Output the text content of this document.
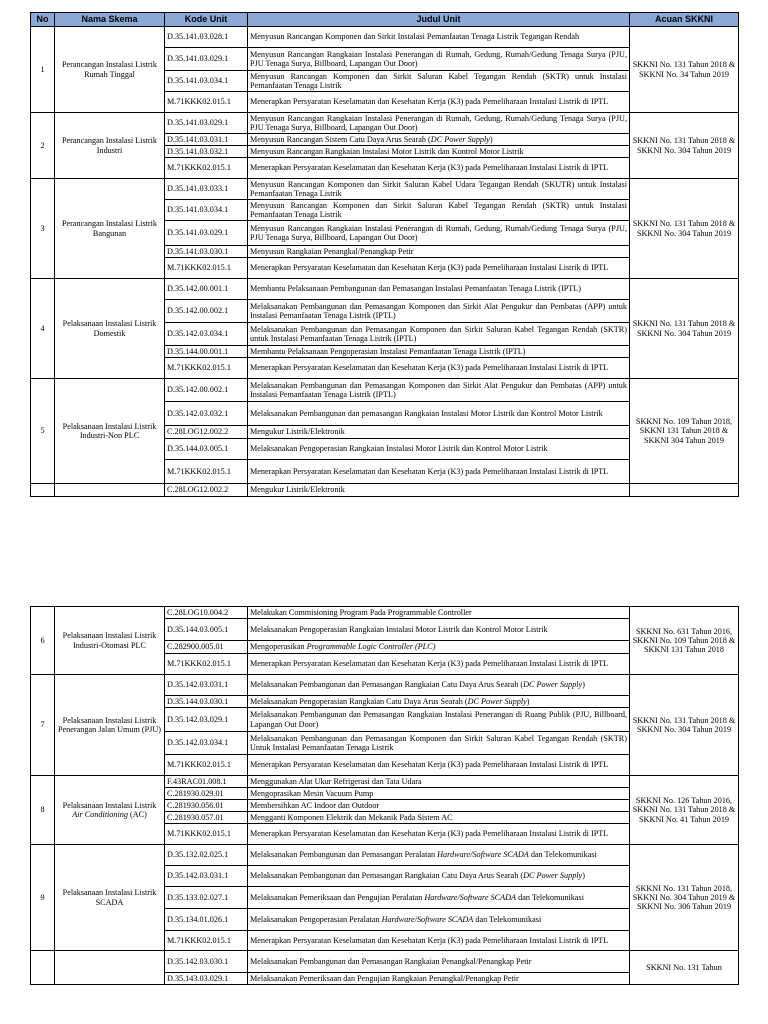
No	Nama Skema	Kode Unit	Judul Unit	Acuan SKKNI
1	Perancangan Instalasi Listrik Rumah Tinggal	D.35.141.03.028.1	Menyusun Rancangan Komponen dan Sirkit Instalasi Pemanfaatan Tenaga Listrik Tegangan Rendah	SKKNI No. 131 Tahun 2018 & SKKNI No. 34 Tahun 2019
		D.35.141.03.029.1	Menyusun Rancangan Rangkaian Instalasi Penerangan di Rumah, Gedung, Rumah/Gedung Tenaga Surya (PJU, PJU Tenaga Surya, Billboard, Lapangan Out Door)	
		D.35.141.03.034.1	Menyusun Rancangan Komponen dan Sirkit Saluran Kabel Tegangan Rendah (SKTR) untuk Instalasi Pemanfaatan Tenaga Listrik	
		M.71KKK02.015.1	Menerapkan Persyaratan Keselamatan dan Kesehatan Kerja (K3) pada Pemeliharaan Instalasi Listrik di IPTL	
2	Perancangan Instalasi Listrik Industri	D.35.141.03.029.1	Menyusun Rancangan Rangkaian Instalasi Penerangan di Rumah, Gedung, Rumah/Gedung Tenaga Surya (PJU, PJU Tenaga Surya, Billboard, Lapangan Out Door)	SKKNI No. 131 Tahun 2018 & SKKNI No. 304 Tahun 2019
		D.35.141.03.031.1	Menyusun Rancangan Sistem Catu Daya Arus Searah (DC Power Supply)	
		D.35.141.03.032.1	Menyusun Rancangan Rangkaian Instalasi Motor Listrik dan Kontrol Motor Listrik	
		M.71KKK02.015.1	Menerapkan Persyaratan Keselamatan dan Kesehatan Kerja (K3) pada Pemeliharaan Instalasi Listrik di IPTL	
3	Perancangan Instalasi Listrik Bangunan	D.35.141.03.033.1	Menyusun Rancangan Komponen dan Sirkit Saluran Kabel Udara Tegangan Rendah (SKUTR) untuk Instalasi Pemanfaatan Tenaga Listrik	SKKNI No. 131 Tahun 2018 & SKKNI No. 304 Tahun 2019
		D.35.141.03.034.1	Menyusun Rancangan Komponen dan Sirkit Saluran Kabel Tegangan Rendah (SKTR) untuk Instalasi Pemanfaatan Tenaga Listrik	
		D.35.141.03.029.1	Menyusun Rancangan Rangkaian Instalasi Penerangan di Rumah, Gedung, Rumah/Gedung Tenaga Surya (PJU, PJU Tenaga Surya, Billboard, Lapangan Out Door)	
		D.35.141.03.030.1	Menyusun Rangkaian Penangkal/Penangkap Petir	
		M.71KKK02.015.1	Menerapkan Persyaratan Keselamatan dan Kesehatan Kerja (K3) pada Pemeliharaan Instalasi Listrik di IPTL	
4	Pelaksanaan Instalasi Listrik Domestik	D.35.142.00.001.1	Membantu Pelaksanaan Pembangunan dan Pemasangan Instalasi Pemanfaatan Tenaga Listrik (IPTL)	SKKNI No. 131 Tahun 2018 & SKKNI No. 304 Tahun 2019
		D.35.142.00.002.1	Melaksanakan Pembangunan dan Pemasangan Komponen dan Sirkit Alat Pengukur dan Pembatas (APP) untuk Instalasi Pemanfaatan Tenaga Listrik (IPTL)	
		D.35.142.03.034.1	Melaksanakan Pembangunan dan Pemasangan Komponen dan Sirkit Saluran Kabel Tegangan Rendah (SKTR) untuk Instalasi Pemanfaatan Tenaga Listrik (IPTL)	
		D.35.144.00.001.1	Membantu Pelaksanaan Pengoperasian Instalasi Pemanfaatan Tenaga Listrik (IPTL)	
		M.71KKK02.015.1	Menerapkan Persyaratan Keselamatan dan Kesehatan Kerja (K3) pada Pemeliharaan Instalasi Listrik di IPTL	
5	Pelaksanaan Instalasi Listrik Industri-Non PLC	D.35.142.00.002.1	Melaksanakan Pembangunan dan Pemasangan Komponen dan Sirkit Alat Pengukur dan Pembatas (APP) untuk Instalasi Pemanfaatan Tenaga Listrik (IPTL)	SKKNI No. 109 Tahun 2018, SKKNI 131 Tahun 2018 & SKKNI 304 Tahun 2019
		D.35.142.03.032.1	Melaksanakan Pembangunan dan pemasangan Rangkaian Instalasi Motor Listrik dan Kontrol Motor Listrik	
		C.28LOG12.002.2	Mengukur Listrik/Elektronik	
		D.35.144.03.005.1	Melaksanakan Pengoperasian Rangkaian Instalasi Motor Listrik dan Kontrol Motor Listrik	
		M.71KKK02.015.1	Menerapkan Persyaratan Keselamatan dan Kesehatan Kerja (K3) pada Pemeliharaan Instalasi Listrik di IPTL	
		C.28LOG12.002.2	Mengukur Listrik/Elektronik	
6	Pelaksanaan Instalasi Listrik Industri-Otomasi PLC	C.28LOG10.004.2	Melakukan Commisioning Program Pada Programmable Controller	SKKNI No. 631 Tahun 2016, SKKNI No. 109 Tahun 2018 & SKKNI 131 Tahun 2018
		D.35.144.03.005.1	Melaksanakan Pengoperasian Rangkaian Instalasi Motor Listrik dan Kontrol Motor Listrik	
		C.282900.005.01	Mengoperasikan Programmable Logic Controller (PLC)	
		M.71KKK02.015.1	Menerapkan Persyaratan Keselamatan dan Kesehatan Kerja (K3) pada Pemeliharaan Instalasi Listrik di IPTL	
7	Pelaksanaan Instalasi Listrik Penerangan Jalan Umum (PJU)	D.35.142.03.031.1	Melaksanakan Pembangunan dan Pemasangan Rangkaian Catu Daya Arus Searah (DC Power Supply)	SKKNI No. 131 Tahun 2018 & SKKNI No. 304 Tahun 2019
		D.35.144.03.030.1	Melaksanakan Pengoperasian Rangkaian Catu Daya Arus Searah (DC Power Supply)	
		D.35.142.03.029.1	Melaksanakan Pembangunan dan Pemasangan Rangkaian Instalasi Penerangan di Ruang Publik (PJU, Billboard, Lapangan Out Door)	
		D.35.142.03.034.1	Melaksanakan Pembangunan dan Pemasangan Komponen dan Sirkit Saluran Kabel Tegangan Rendah (SKTR) Untuk Instalasi Pemanfaatan Tenaga Listrik	
		M.71KKK02.015.1	Menerapkan Persyaratan Keselamatan dan Kesehatan Kerja (K3) pada Pemeliharaan Instalasi Listrik di IPTL	
8	Pelaksanaan Instalasi Listrik Air Conditioning (AC)	F.43RAC01.008.1	Menggunakan Alat Ukur Refrigerasi dan Tata Udara	SKKNI No. 126 Tahun 2016, SKKNI No. 131 Tahun 2018 & SKKNI No. 41 Tahun 2019
		C.281930.029.01	Mengoprasikan Mesin Vacuum Pump	
		C.281930.056.01	Membersihkan AC Indoor dan Outdoor	
		C.281930.057.01	Mengganti Komponen Elektrik dan Mekanik Pada Sistem AC	
		M.71KKK02.015.1	Menerapkan Persyaratan Keselamatan dan Kesehatan Kerja (K3) pada Pemeliharaan Instalasi Listrik di IPTL	
9	Pelaksanaan Instalasi Listrik SCADA	D.35.132.02.025.1	Melaksanakan Pembangunan dan Pemasangan Peralatan Hardware/Software SCADA dan Telekomunikasi	SKKNI No. 131 Tahun 2018, SKKNI No. 304 Tahun 2019 & SKKNI No. 306 Tahun 2019
		D.35.142.03.031.1	Melaksanakan Pembangunan dan Pemasangan Rangkaian Catu Daya Arus Searah (DC Power Supply)	
		D.35.133.02.027.1	Melaksanakan Pemeriksaan dan Pengujian Peralatan Hardware/Software SCADA dan Telekomunikasi	
		D.35.134.01.026.1	Melaksanakan Pengoperasian Peralatan Hardware/Software SCADA dan Telekomunikasi	
		M.71KKK02.015.1	Menerapkan Persyaratan Keselamatan dan Kesehatan Kerja (K3) pada Pemeliharaan Instalasi Listrik di IPTL	
		D.35.142.03.030.1	Melaksanakan Pembangunan dan Pemasangan Rangkaian Penangkal/Penangkap Petir	SKKNI No. 131 Tahun
		D.35.143.03.029.1	Melaksanakan Pemeriksaan dan Pengujian Rangkaian Penangkal/Penangkap Petir	
